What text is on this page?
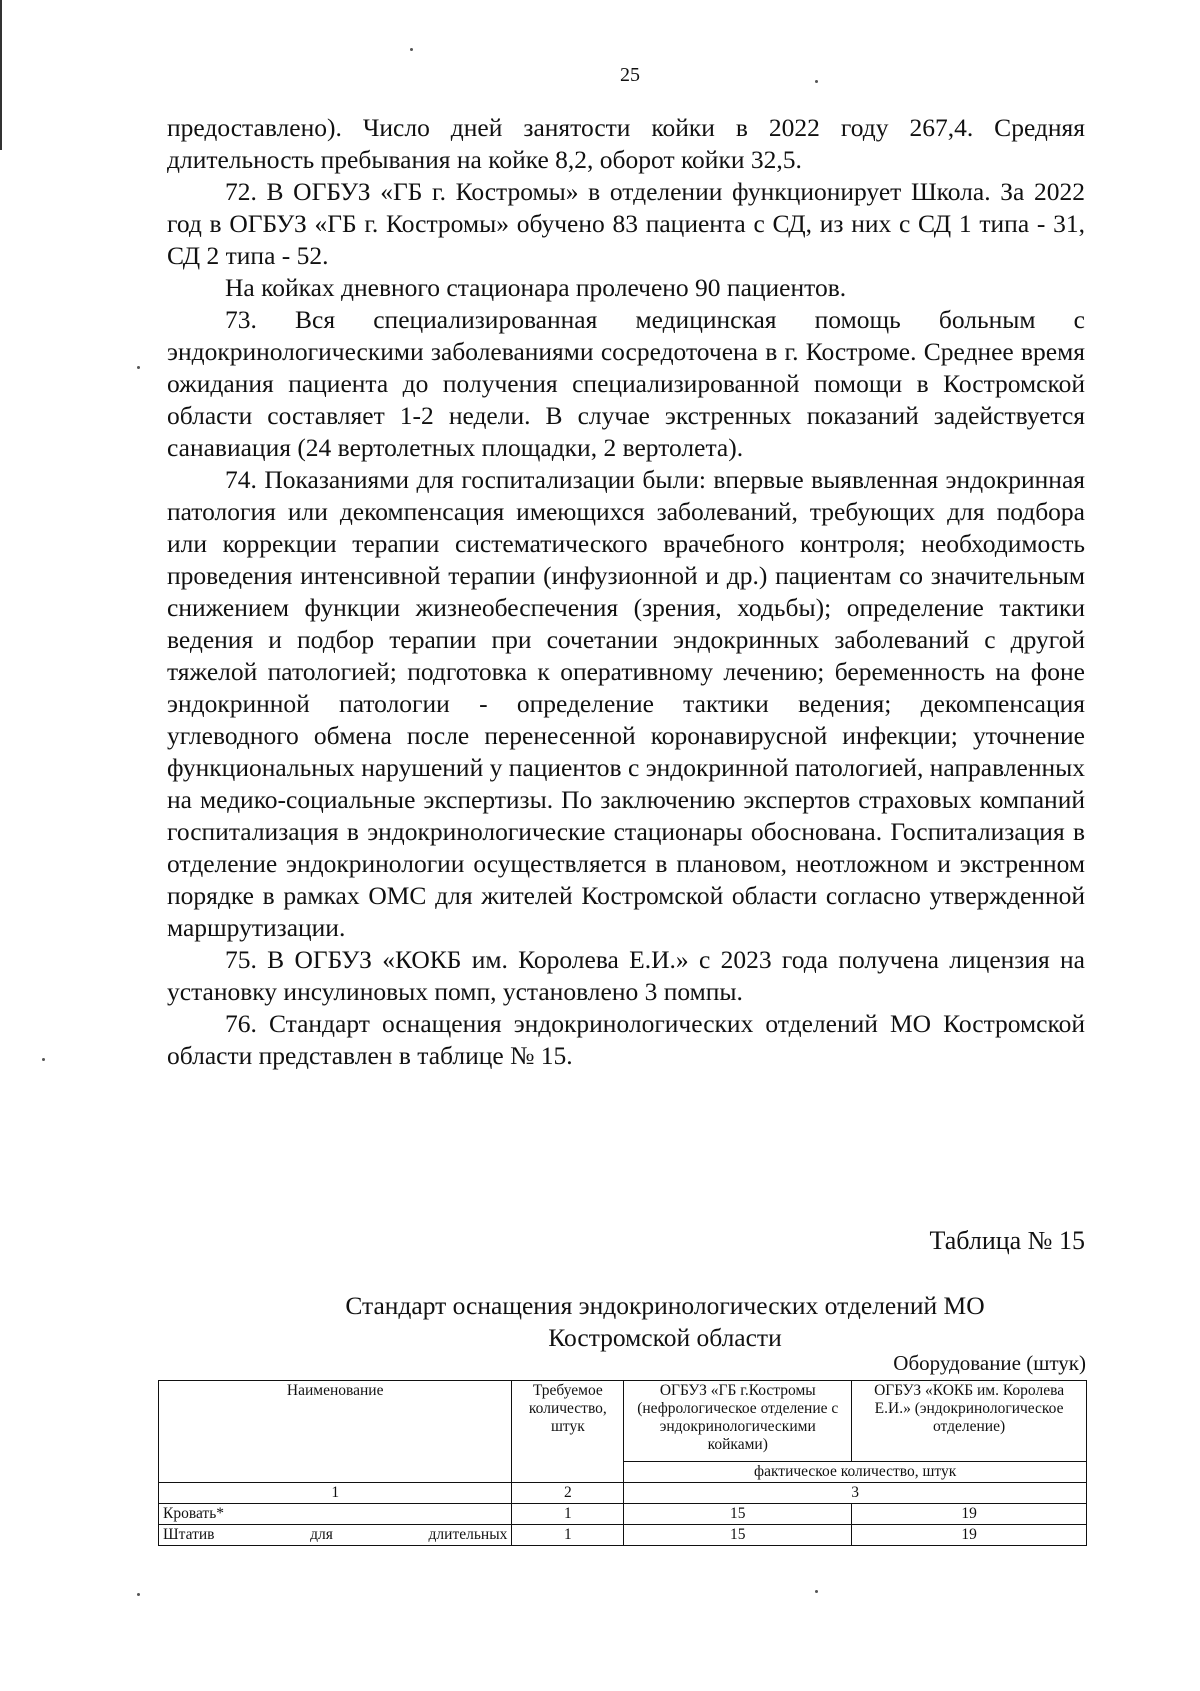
25

предоставлено). Число дней занятости койки в 2022 году 267,4. Средняя длительность пребывания на койке 8,2, оборот койки 32,5.

72. В ОГБУЗ «ГБ г. Костромы» в отделении функционирует Школа. За 2022 год в ОГБУЗ «ГБ г. Костромы» обучено 83 пациента с СД, из них с СД 1 типа - 31, СД 2 типа - 52.

На койках дневного стационара пролечено 90 пациентов.

73. Вся специализированная медицинская помощь больным с эндокринологическими заболеваниями сосредоточена в г. Костроме. Среднее время ожидания пациента до получения специализированной помощи в Костромской области составляет 1-2 недели. В случае экстренных показаний задействуется санавиация (24 вертолетных площадки, 2 вертолета).

74. Показаниями для госпитализации были: впервые выявленная эндокринная патология или декомпенсация имеющихся заболеваний, требующих для подбора или коррекции терапии систематического врачебного контроля; необходимость проведения интенсивной терапии (инфузионной и др.) пациентам со значительным снижением функции жизнеобеспечения (зрения, ходьбы); определение тактики ведения и подбор терапии при сочетании эндокринных заболеваний с другой тяжелой патологией; подготовка к оперативному лечению; беременность на фоне эндокринной патологии - определение тактики ведения; декомпенсация углеводного обмена после перенесенной коронавирусной инфекции; уточнение функциональных нарушений у пациентов с эндокринной патологией, направленных на медико-социальные экспертизы. По заключению экспертов страховых компаний госпитализация в эндокринологические стационары обоснована. Госпитализация в отделение эндокринологии осуществляется в плановом, неотложном и экстренном порядке в рамках ОМС для жителей Костромской области согласно утвержденной маршрутизации.

75. В ОГБУЗ «КОКБ им. Королева Е.И.» с 2023 года получена лицензия на установку инсулиновых помп, установлено 3 помпы.

76. Стандарт оснащения эндокринологических отделений МО Костромской области представлен в таблице № 15.

Таблица № 15
Стандарт оснащения эндокринологических отделений МО Костромской области
Оборудование (штук)
Наименование	Требуемое количество, штук	ОГБУЗ «ГБ г.Костромы (нефрологическое отделение с эндокринологическими койками)	ОГБУЗ «КОКБ им. Королева Е.И.» (эндокринологическое отделение)
		фактическое количество, штук	
1	2	3	
Кровать*	1	15	19
Штатив для длительных	1	15	19
